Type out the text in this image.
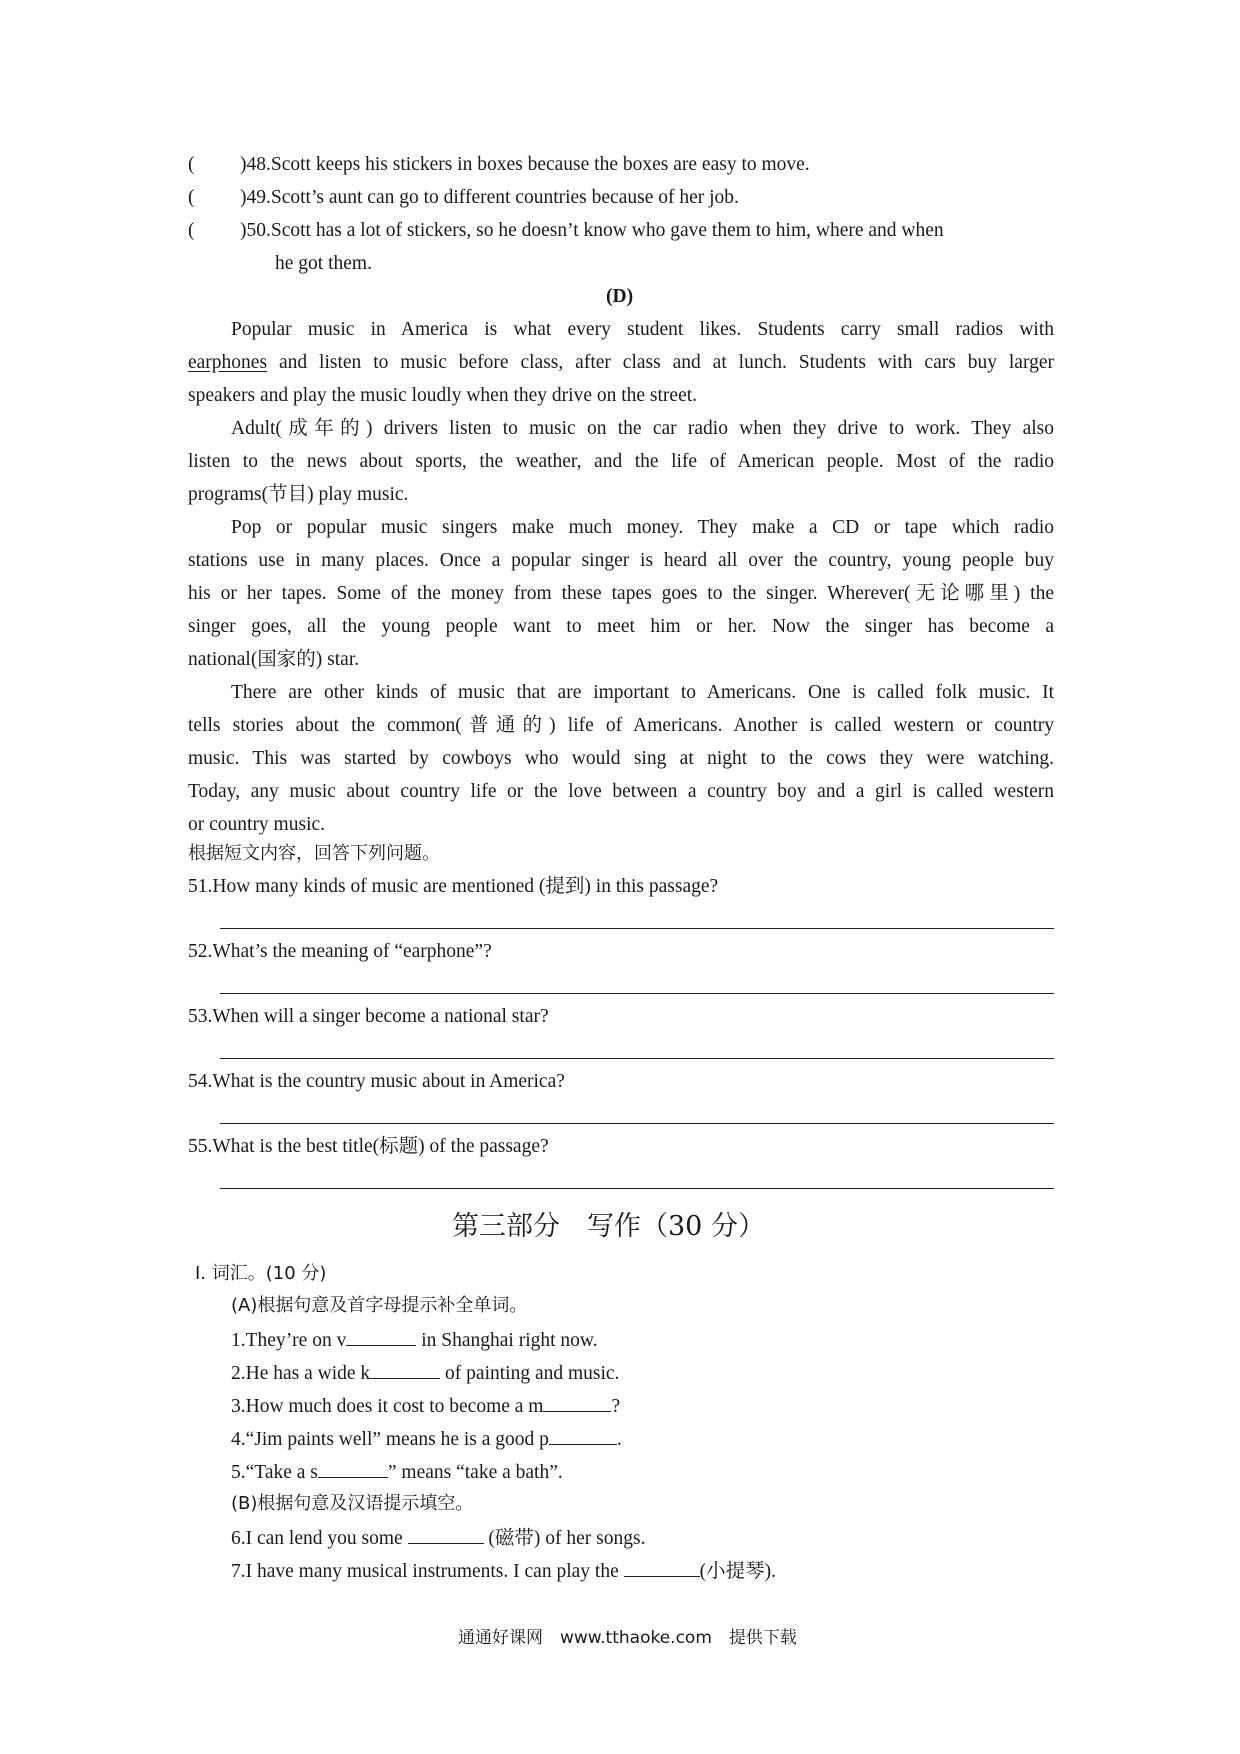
( )48.Scott keeps his stickers in boxes because the boxes are easy to move.
( )49.Scott’s aunt can go to different countries because of her job.
( )50.Scott has a lot of stickers, so he doesn’t know who gave them to him, where and when
he got them.
(D)
Popular music in America is what every student likes. Students carry small radios with
earphones and listen to music before class, after class and at lunch. Students with cars buy larger
speakers and play the music loudly when they drive on the street.
Adult(成年的) drivers listen to music on the car radio when they drive to work. They also
listen to the news about sports, the weather, and the life of American people. Most of the radio
programs(节目) play music.
Pop or popular music singers make much money. They make a CD or tape which radio
stations use in many places. Once a popular singer is heard all over the country, young people buy
his or her tapes. Some of the money from these tapes goes to the singer. Wherever(无论哪里) the
singer goes, all the young people want to meet him or her. Now the singer has become a
national(国家的) star.
There are other kinds of music that are important to Americans. One is called folk music. It
tells stories about the common(普通的) life of Americans. Another is called western or country
music. This was started by cowboys who would sing at night to the cows they were watching.
Today, any music about country life or the love between a country boy and a girl is called western
or country music.
根据短文内容，回答下列问题。
51.How many kinds of music are mentioned (提到) in this passage?
52.What’s the meaning of “earphone”?
53.When will a singer become a national star?
54.What is the country music about in America?
55.What is the best title(标题) of the passage?
第三部分　写作（30 分）
Ⅰ. 词汇。(10 分)
(A)根据句意及首字母提示补全单词。
1.They’re on v	in Shanghai right now.
2.He has a wide k	of painting and music.
3.How much does it cost to become a m	?
4.“Jim paints well” means he is a good p	.
5.“Take a s	” means “take a bath”.
(B)根据句意及汉语提示填空。
6.I can lend you some	(磁带) of her songs.
7.I have many musical instruments. I can play the	(小提琴).
通通好课网　www.tthaoke.com　提供下载
